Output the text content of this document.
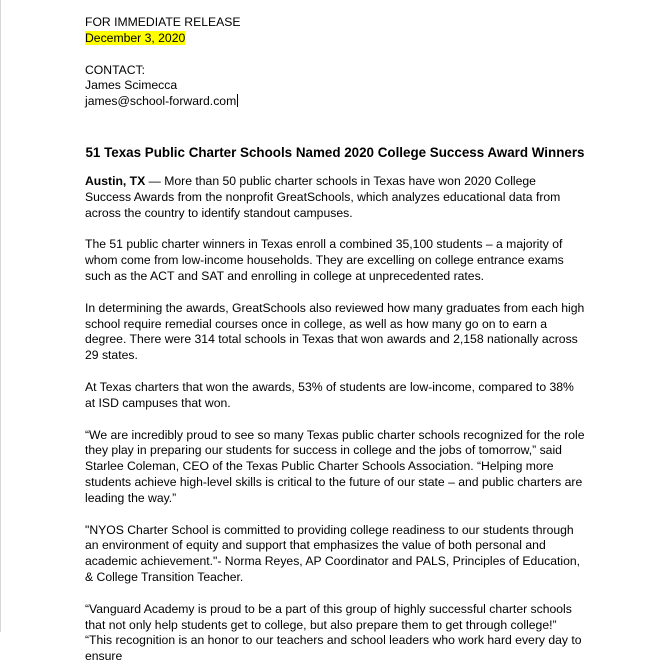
FOR IMMEDIATE RELEASE

December 3, 2020

CONTACT:

James Scimecca

james@school-forward.com

51 Texas Public Charter Schools Named 2020 College Success Award Winners

Austin, TX — More than 50 public charter schools in Texas have won 2020 College Success Awards from the nonprofit GreatSchools, which analyzes educational data from across the country to identify standout campuses.

The 51 public charter winners in Texas enroll a combined 35,100 students – a majority of whom come from low-income households. They are excelling on college entrance exams such as the ACT and SAT and enrolling in college at unprecedented rates.

In determining the awards, GreatSchools also reviewed how many graduates from each high school require remedial courses once in college, as well as how many go on to earn a degree. There were 314 total schools in Texas that won awards and 2,158 nationally across 29 states.

At Texas charters that won the awards, 53% of students are low-income, compared to 38% at ISD campuses that won.

“We are incredibly proud to see so many Texas public charter schools recognized for the role they play in preparing our students for success in college and the jobs of tomorrow,” said Starlee Coleman, CEO of the Texas Public Charter Schools Association. “Helping more students achieve high-level skills is critical to the future of our state – and public charters are leading the way.”

"NYOS Charter School is committed to providing college readiness to our students through an environment of equity and support that emphasizes the value of both personal and academic achievement."- Norma Reyes, AP Coordinator and PALS, Principles of Education, & College Transition Teacher.

“Vanguard Academy is proud to be a part of this group of highly successful charter schools that not only help students get to college, but also prepare them to get through college!” “This recognition is an honor to our teachers and school leaders who work hard every day to ensure
